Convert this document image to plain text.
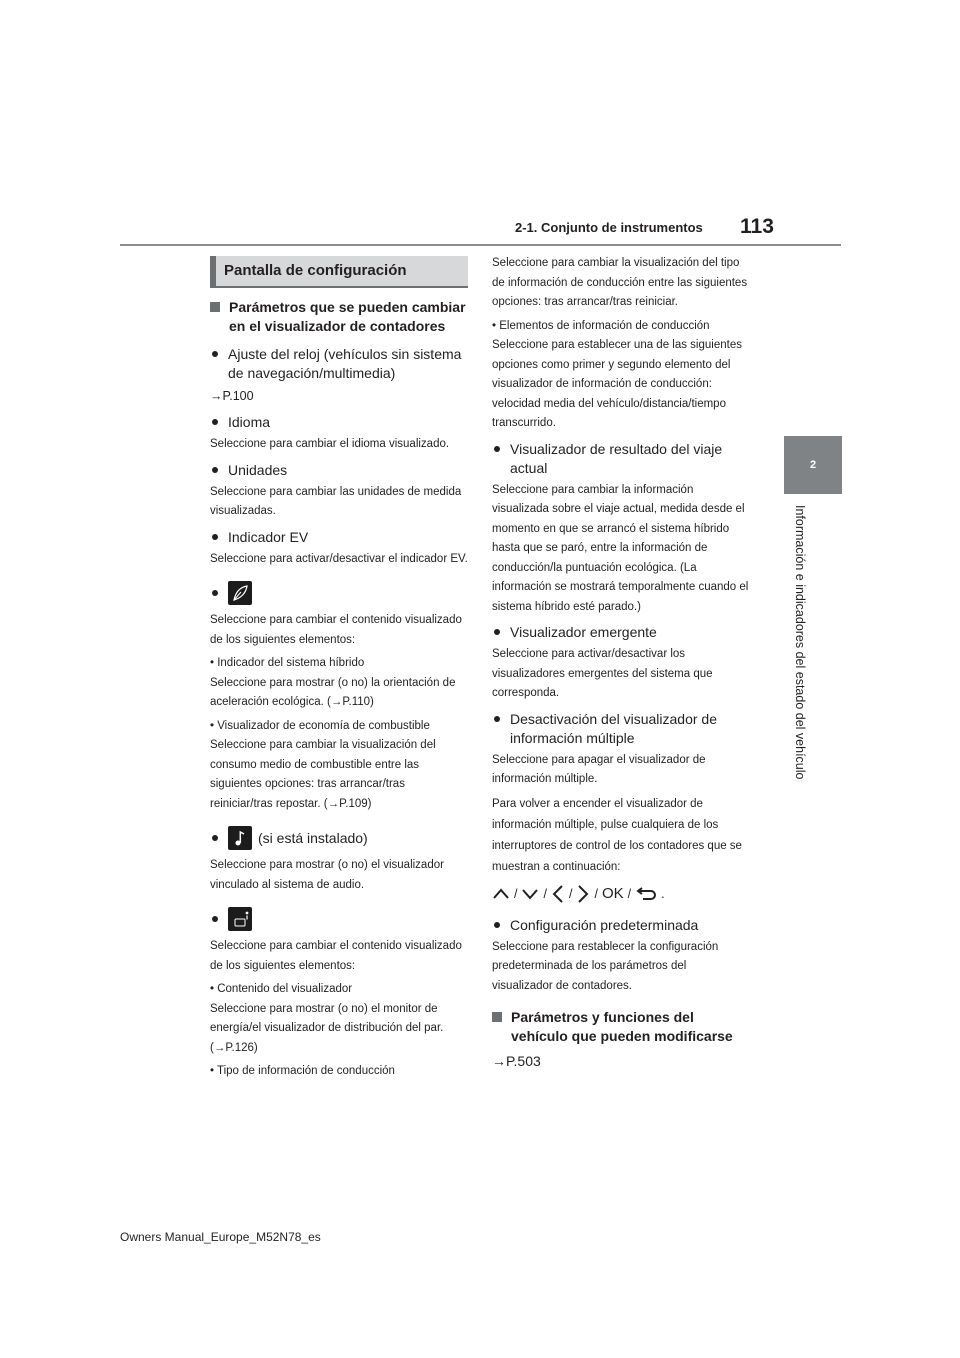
2-1. Conjunto de instrumentos 113
2
Información e indicadores del estado del vehículo
Pantalla de configuración
Parámetros que se pueden cambiar en el visualizador de contadores
Ajuste del reloj (vehículos sin sistema de navegación/multimedia)
→P.100
Idioma
Seleccione para cambiar el idioma visualizado.
Unidades
Seleccione para cambiar las unidades de medida visualizadas.
Indicador EV
Seleccione para activar/desactivar el indicador EV.
Seleccione para cambiar el contenido visualizado de los siguientes elementos:
• Indicador del sistema híbrido
Seleccione para mostrar (o no) la orientación de aceleración ecológica. (→P.110)
• Visualizador de economía de combustible
Seleccione para cambiar la visualización del consumo medio de combustible entre las siguientes opciones: tras arrancar/tras reiniciar/tras repostar. (→P.109)
(si está instalado)
Seleccione para mostrar (o no) el visualizador vinculado al sistema de audio.
Seleccione para cambiar el contenido visualizado de los siguientes elementos:
• Contenido del visualizador
Seleccione para mostrar (o no) el monitor de energía/el visualizador de distribución del par. (→P.126)
• Tipo de información de conducción
Seleccione para cambiar la visualización del tipo de información de conducción entre las siguientes opciones: tras arrancar/tras reiniciar.
• Elementos de información de conducción
Seleccione para establecer una de las siguientes opciones como primer y segundo elemento del visualizador de información de conducción: velocidad media del vehículo/distancia/tiempo transcurrido.
Visualizador de resultado del viaje actual
Seleccione para cambiar la información visualizada sobre el viaje actual, medida desde el momento en que se arrancó el sistema híbrido hasta que se paró, entre la información de conducción/la puntuación ecológica. (La información se mostrará temporalmente cuando el sistema híbrido esté parado.)
Visualizador emergente
Seleccione para activar/desactivar los visualizadores emergentes del sistema que corresponda.
Desactivación del visualizador de información múltiple
Seleccione para apagar el visualizador de información múltiple.
Para volver a encender el visualizador de información múltiple, pulse cualquiera de los interruptores de control de los contadores que se muestran a continuación:
/ / / / OK / .
Configuración predeterminada
Seleccione para restablecer la configuración predeterminada de los parámetros del visualizador de contadores.
Parámetros y funciones del vehículo que pueden modificarse
→P.503
Owners Manual_Europe_M52N78_es
